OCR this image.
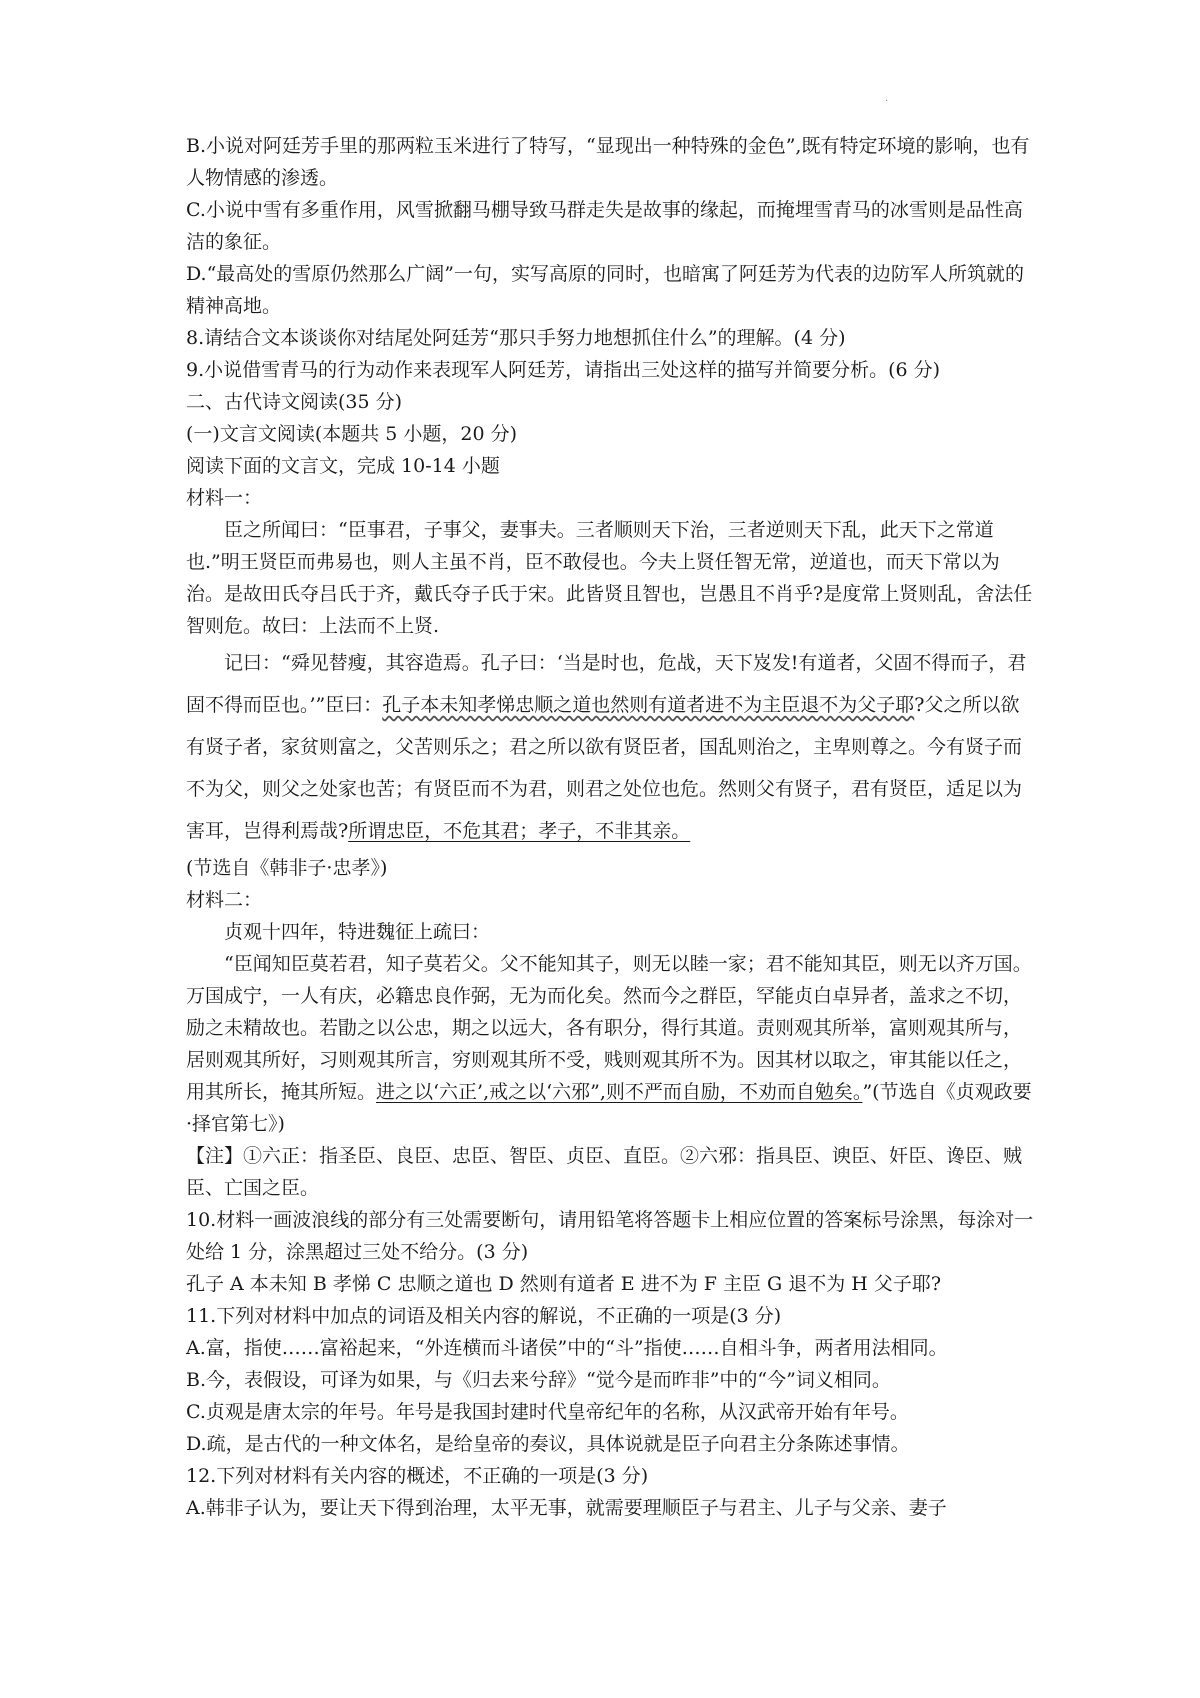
·

B.小说对阿廷芳手里的那两粒玉米进行了特写，“显现出一种特殊的金色”,既有特定环境的影响，也有人物情感的渗透。

C.小说中雪有多重作用，风雪掀翻马棚导致马群走失是故事的缘起，而掩埋雪青马的冰雪则是品性高洁的象征。

D.“最高处的雪原仍然那么广阔”一句，实写高原的同时，也暗寓了阿廷芳为代表的边防军人所筑就的精神高地。

8.请结合文本谈谈你对结尾处阿廷芳“那只手努力地想抓住什么”的理解。(4 分)

9.小说借雪青马的行为动作来表现军人阿廷芳，请指出三处这样的描写并简要分析。(6 分)

二、古代诗文阅读(35 分)

(一)文言文阅读(本题共 5 小题，20 分)

阅读下面的文言文，完成 10-14 小题

材料一：

臣之所闻曰：“臣事君，子事父，妻事夫。三者顺则天下治，三者逆则天下乱，此天下之常道也.”明王贤臣而弗易也，则人主虽不肖，臣不敢侵也。今夫上贤任智无常，逆道也，而天下常以为治。是故田氏夺吕氏于齐，戴氏夺子氏于宋。此皆贤且智也，岂愚且不肖乎?是度常上贤则乱，舍法任智则危。故曰：上法而不上贤.

记曰：“舜见替瘦，其容造焉。孔子曰：‘当是时也，危战，天下岌发!有道者，父固不得而子，君固不得而臣也。’”臣曰：孔子本未知孝悌忠顺之道也然则有道者进不为主臣退不为父子耶?父之所以欲有贤子者，家贫则富之，父苦则乐之；君之所以欲有贤臣者，国乱则治之，主卑则尊之。今有贤子而不为父，则父之处家也苦；有贤臣而不为君，则君之处位也危。然则父有贤子，君有贤臣，适足以为害耳，岂得利焉哉?所谓忠臣，不危其君；孝子，不非其亲。

(节选自《韩非子·忠孝》)

材料二：

贞观十四年，特进魏征上疏曰：

“臣闻知臣莫若君，知子莫若父。父不能知其子，则无以睦一家；君不能知其臣，则无以齐万国。万国成宁，一人有庆，必籍忠良作弼，无为而化矣。然而今之群臣，罕能贞白卓异者，盖求之不切，励之未精故也。若勖之以公忠，期之以远大，各有职分，得行其道。责则观其所举，富则观其所与，居则观其所好，习则观其所言，穷则观其所不受，贱则观其所不为。因其材以取之，审其能以任之，用其所长，掩其所短。进之以‘六正’,戒之以‘六邪”,则不严而自励，不劝而自勉矣。”(节选自《贞观政要·择官第七》)

【注】①六正：指圣臣、良臣、忠臣、智臣、贞臣、直臣。②六邪：指具臣、谀臣、奸臣、谗臣、贼臣、亡国之臣。

10.材料一画波浪线的部分有三处需要断句，请用铅笔将答题卡上相应位置的答案标号涂黑，每涂对一处给 1 分，涂黑超过三处不给分。(3 分)

孔子 A 本未知 B 孝悌 C 忠顺之道也 D 然则有道者 E 进不为 F 主臣 G 退不为 H 父子耶?

11.下列对材料中加点的词语及相关内容的解说，不正确的一项是(3 分)

A.富，指使……富裕起来，“外连横而斗诸侯”中的“斗”指使……自相斗争，两者用法相同。

B.今，表假设，可译为如果，与《归去来兮辞》“觉今是而昨非”中的“今”词义相同。

C.贞观是唐太宗的年号。年号是我国封建时代皇帝纪年的名称，从汉武帝开始有年号。

D.疏，是古代的一种文体名，是给皇帝的奏议，具体说就是臣子向君主分条陈述事情。

12.下列对材料有关内容的概述，不正确的一项是(3 分)

A.韩非子认为，要让天下得到治理，太平无事，就需要理顺臣子与君主、儿子与父亲、妻子
